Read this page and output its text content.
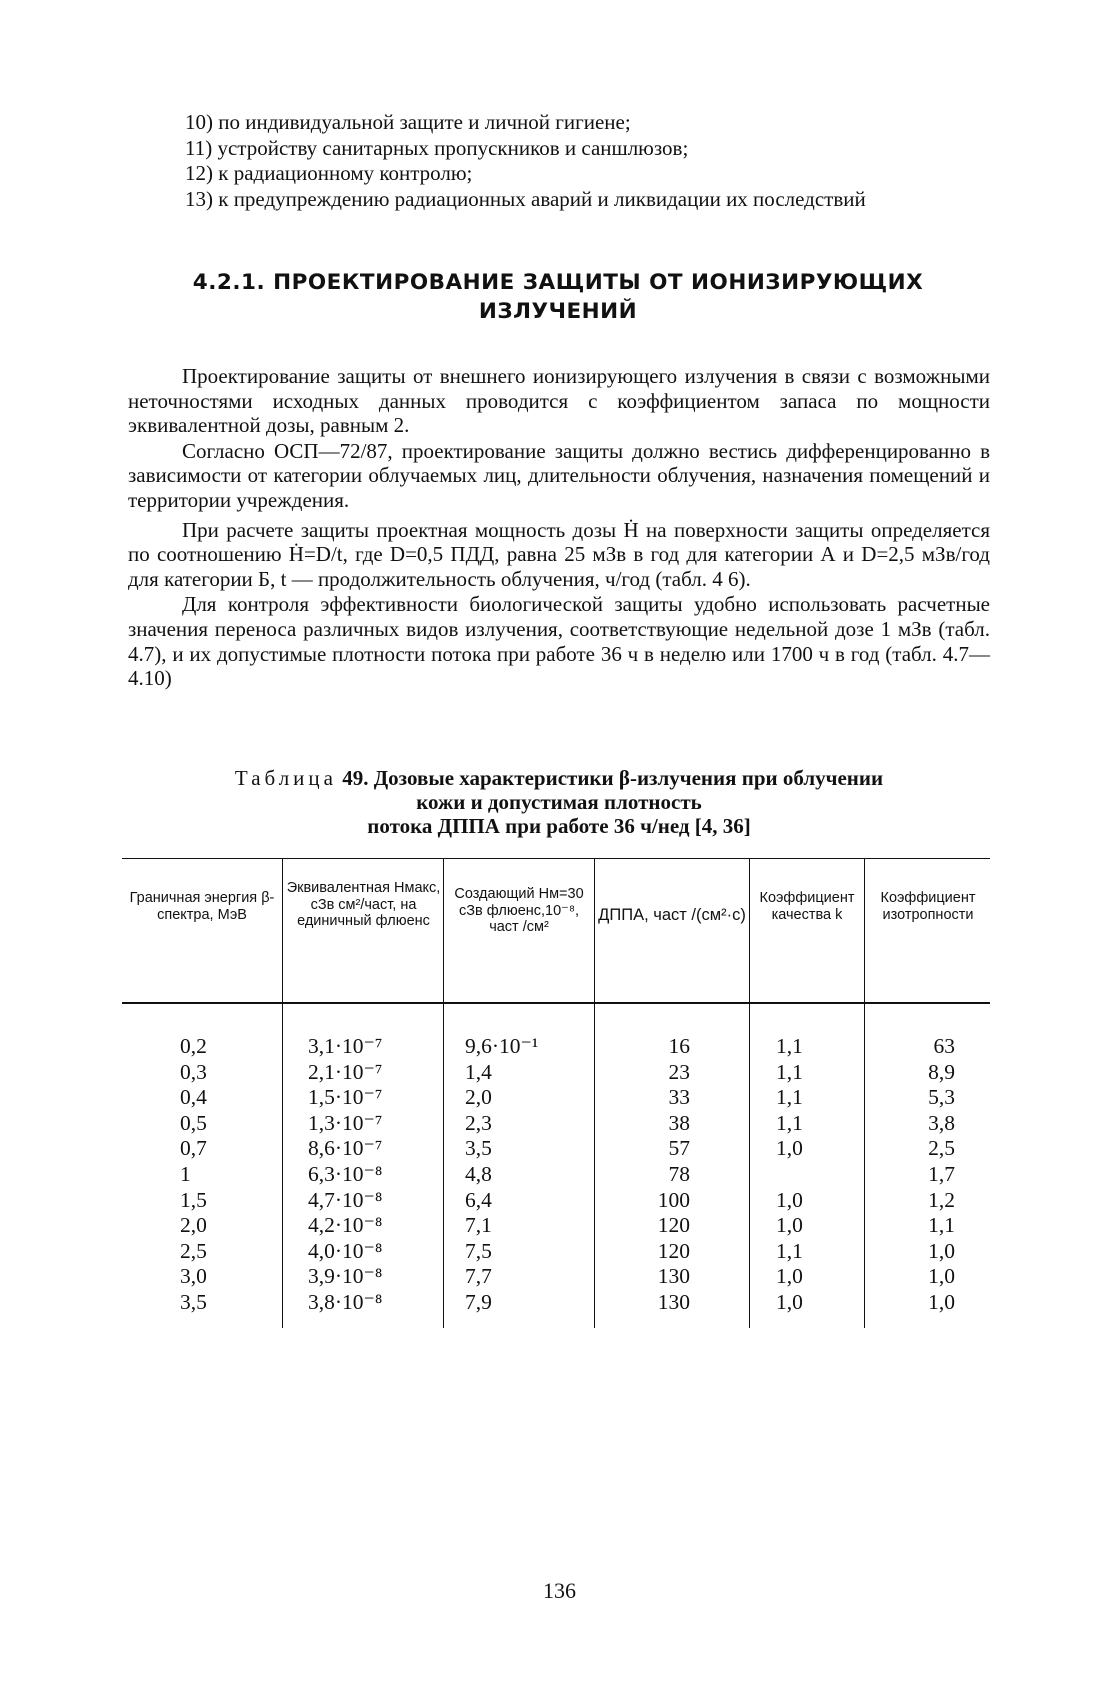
10) по индивидуальной защите и личной гигиене;
11) устройству санитарных пропускников и саншлюзов;
12) к радиационному контролю;
13) к предупреждению радиационных аварий и ликвидации их последствий
4.2.1. ПРОЕКТИРОВАНИЕ ЗАЩИТЫ ОТ ИОНИЗИРУЮЩИХ
ИЗЛУЧЕНИЙ

Проектирование защиты от внешнего ионизирующего излучения в связи с возможными неточностями исходных данных проводится с коэффициентом запаса по мощности эквивалентной дозы, равным 2.

Согласно ОСП—72/87, проектирование защиты должно вестись дифференцированно в зависимости от категории облучаемых лиц, длительности облучения, назначения помещений и территории учреждения.

При расчете защиты проектная мощность дозы Ḣ на поверхности защиты определяется по соотношению Ḣ=D/t, где D=0,5 ПДД, равна 25 мЗв в год для категории А и D=2,5 мЗв/год для категории Б, t — продолжительность облучения, ч/год (табл. 4 6).

Для контроля эффективности биологической защиты удобно использовать расчетные значения переноса различных видов излучения, соответствующие недельной дозе 1 мЗв (табл. 4.7), и их допустимые плотности потока при работе 36 ч в неделю или 1700 ч в год (табл. 4.7—4.10)

Таблица 49. Дозовые характеристики β-излучения при облучении
кожи и допустимая плотность
потока ДППА при работе 36 ч/нед [4, 36]
Граничная энергия β-спектра, МэВ
Эквивалентная Hмакс, сЗв см²/част, на единичный флюенс
Создающий Hм=30 сЗв флюенс,10⁻⁸, част /см²
ДППА, част /(см²·с)
Коэффициент качества k
Коэффициент изотропности
0,2
0,3
0,4
0,5
0,7
1
1,5
2,0
2,5
3,0
3,5
3,1·10⁻⁷
2,1·10⁻⁷
1,5·10⁻⁷
1,3·10⁻⁷
8,6·10⁻⁷
6,3·10⁻⁸
4,7·10⁻⁸
4,2·10⁻⁸
4,0·10⁻⁸
3,9·10⁻⁸
3,8·10⁻⁸
9,6·10⁻¹
1,4
2,0
2,3
3,5
4,8
6,4
7,1
7,5
7,7
7,9
16
23
33
38
57
78
100
120
120
130
130
1,1
1,1
1,1
1,1
1,0

1,0
1,0
1,1
1,0
1,0
63
8,9
5,3
3,8
2,5
1,7
1,2
1,1
1,0
1,0
1,0
136
